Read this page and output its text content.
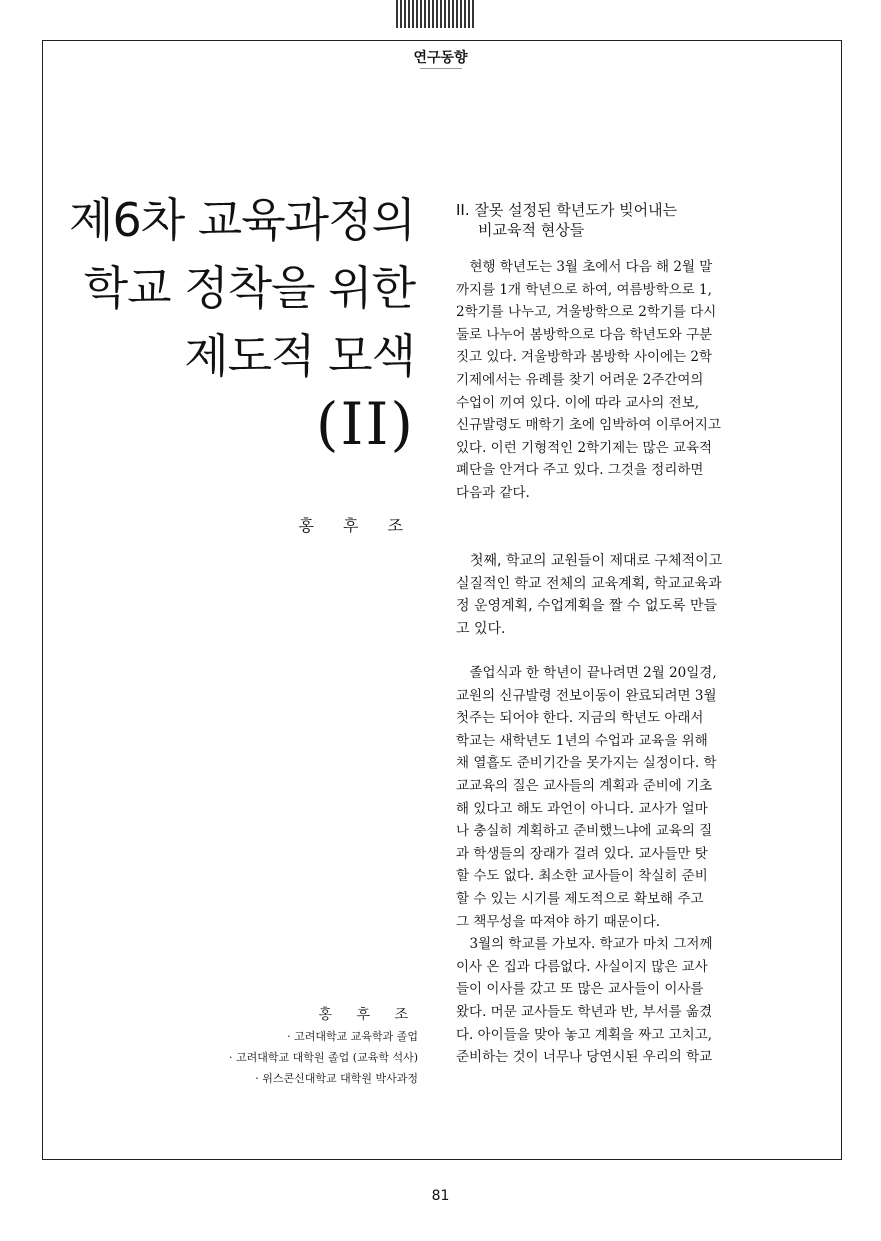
연구동향
제6차 교육과정의
학교 정착을 위한
제도적 모색
(II)
홍 후 조
홍 후 조
· 고려대학교 교육학과 졸업
· 고려대학교 대학원 졸업 (교육학 석사)
· 위스콘신대학교 대학원 박사과정
II. 잘못 설정된 학년도가 빚어내는
비교육적 현상들
현행 학년도는 3월 초에서 다음 해 2월 말
까지를 1개 학년으로 하여, 여름방학으로 1,
2학기를 나누고, 겨울방학으로 2학기를 다시
둘로 나누어 봄방학으로 다음 학년도와 구분
짓고 있다. 겨울방학과 봄방학 사이에는 2학
기제에서는 유례를 찾기 어려운 2주간여의
수업이 끼여 있다. 이에 따라 교사의 전보,
신규발령도 매학기 초에 임박하여 이루어지고
있다. 이런 기형적인 2학기제는 많은 교육적
폐단을 안겨다 주고 있다. 그것을 정리하면
다음과 같다.
첫째, 학교의 교원들이 제대로 구체적이고
실질적인 학교 전체의 교육계획, 학교교육과
정 운영계획, 수업계획을 짤 수 없도록 만들
고 있다.
졸업식과 한 학년이 끝나려면 2월 20일경,
교원의 신규발령 전보이동이 완료되려면 3월
첫주는 되어야 한다. 지금의 학년도 아래서
학교는 새학년도 1년의 수업과 교육을 위해
채 열흘도 준비기간을 못가지는 실정이다. 학
교교육의 질은 교사들의 계획과 준비에 기초
해 있다고 해도 과언이 아니다. 교사가 얼마
나 충실히 계획하고 준비했느냐에 교육의 질
과 학생들의 장래가 걸려 있다. 교사들만 탓
할 수도 없다. 최소한 교사들이 착실히 준비
할 수 있는 시기를 제도적으로 확보해 주고
그 책무성을 따져야 하기 때문이다.
3월의 학교를 가보자. 학교가 마치 그저께
이사 온 집과 다름없다. 사실이지 많은 교사
들이 이사를 갔고 또 많은 교사들이 이사를
왔다. 머문 교사들도 학년과 반, 부서를 옮겼
다. 아이들을 맞아 놓고 계획을 짜고 고치고,
준비하는 것이 너무나 당연시된 우리의 학교
81
